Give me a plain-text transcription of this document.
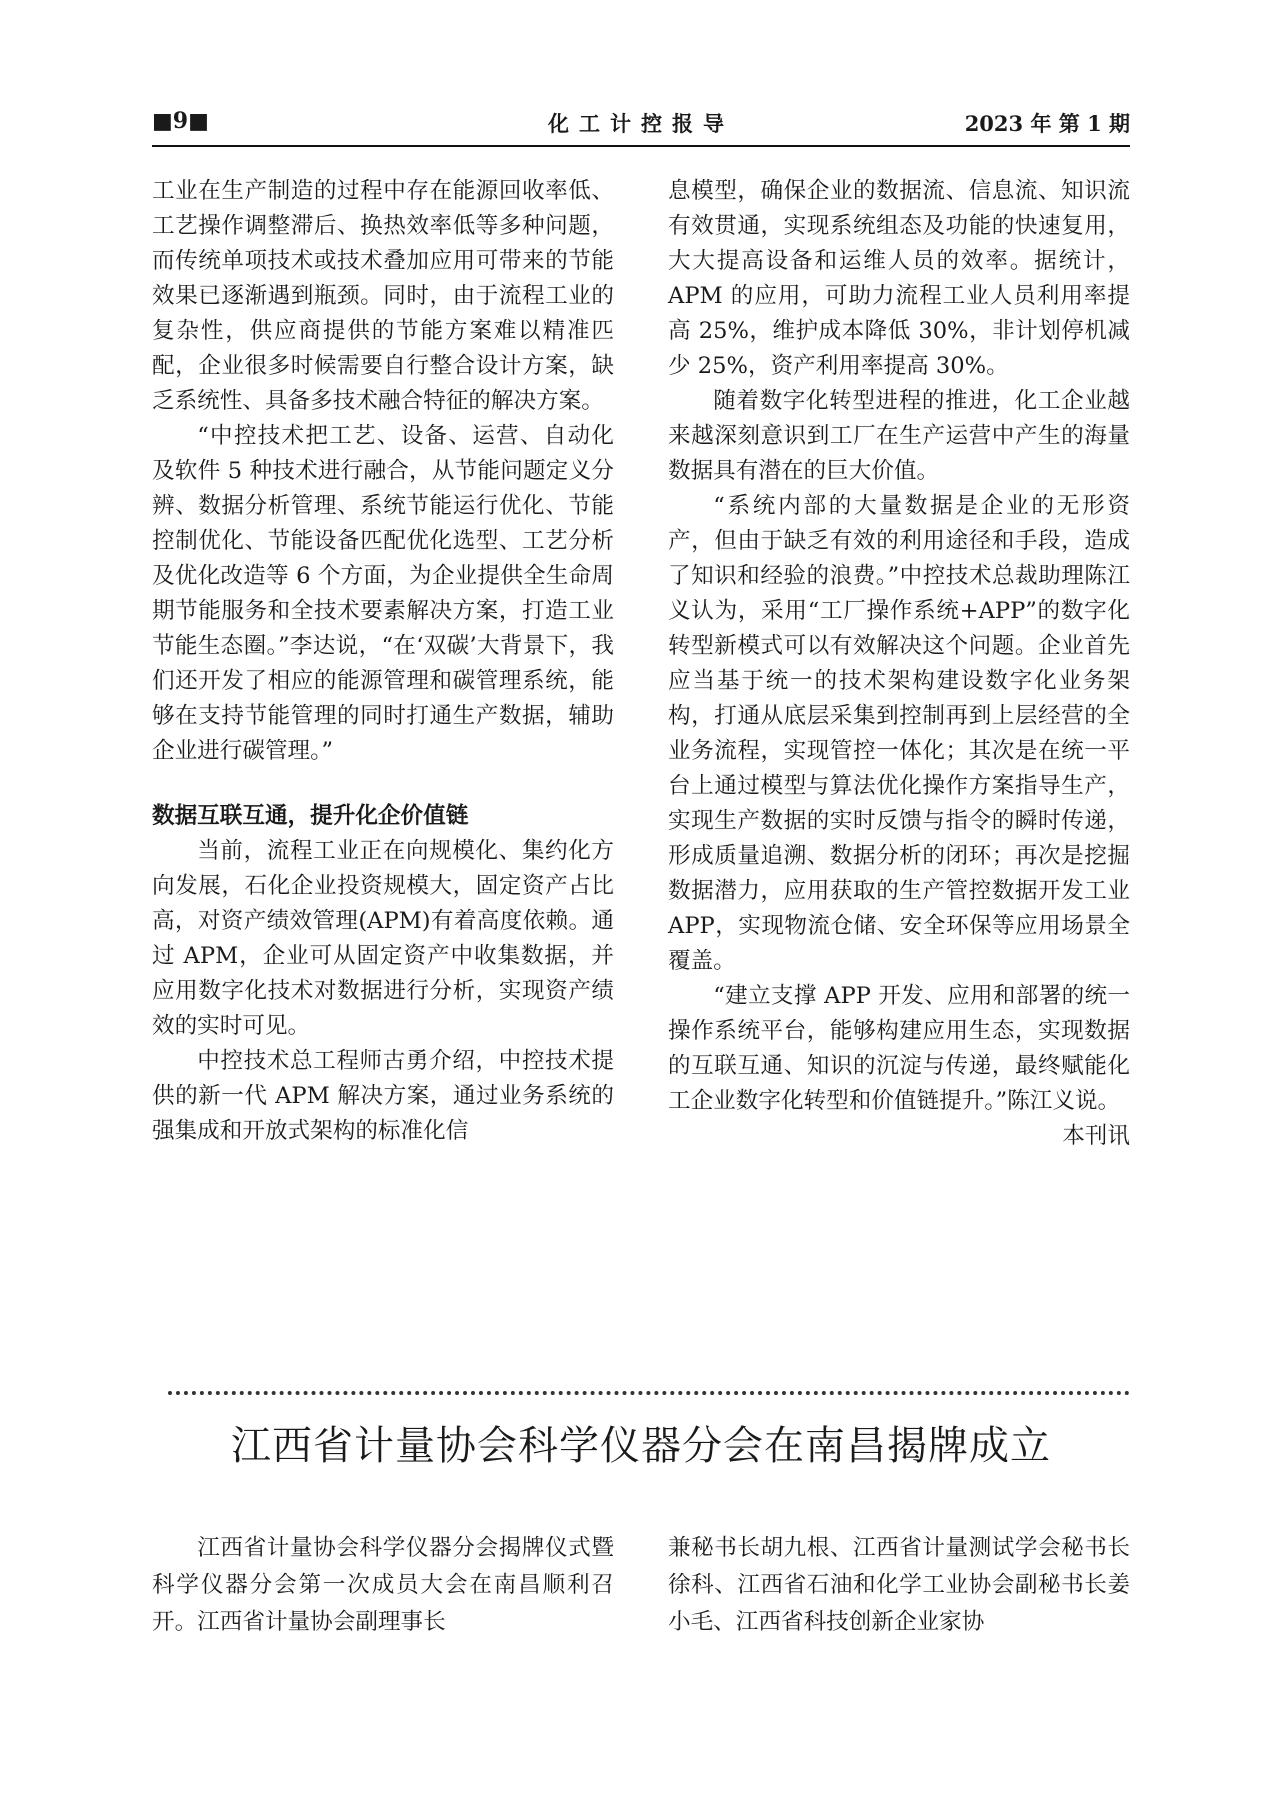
■9■	化工计控报导	2023 年 第 1 期

工业在生产制造的过程中存在能源回收率低、工艺操作调整滞后、换热效率低等多种问题，而传统单项技术或技术叠加应用可带来的节能效果已逐渐遇到瓶颈。同时，由于流程工业的复杂性，供应商提供的节能方案难以精准匹配，企业很多时候需要自行整合设计方案，缺乏系统性、具备多技术融合特征的解决方案。

“中控技术把工艺、设备、运营、自动化及软件 5 种技术进行融合，从节能问题定义分辨、数据分析管理、系统节能运行优化、节能控制优化、节能设备匹配优化选型、工艺分析及优化改造等 6 个方面，为企业提供全生命周期节能服务和全技术要素解决方案，打造工业节能生态圈。”李达说，“在‘双碳’大背景下，我们还开发了相应的能源管理和碳管理系统，能够在支持节能管理的同时打通生产数据，辅助企业进行碳管理。”

数据互联互通，提升化企价值链

当前，流程工业正在向规模化、集约化方向发展，石化企业投资规模大，固定资产占比高，对资产绩效管理(APM)有着高度依赖。通过 APM，企业可从固定资产中收集数据，并应用数字化技术对数据进行分析，实现资产绩效的实时可见。

中控技术总工程师古勇介绍，中控技术提供的新一代 APM 解决方案，通过业务系统的强集成和开放式架构的标准化信

息模型，确保企业的数据流、信息流、知识流有效贯通，实现系统组态及功能的快速复用，大大提高设备和运维人员的效率。据统计，APM 的应用，可助力流程工业人员利用率提高 25%，维护成本降低 30%，非计划停机减少 25%，资产利用率提高 30%。

随着数字化转型进程的推进，化工企业越来越深刻意识到工厂在生产运营中产生的海量数据具有潜在的巨大价值。

“系统内部的大量数据是企业的无形资产，但由于缺乏有效的利用途径和手段，造成了知识和经验的浪费。”中控技术总裁助理陈江义认为，采用“工厂操作系统+APP”的数字化转型新模式可以有效解决这个问题。企业首先应当基于统一的技术架构建设数字化业务架构，打通从底层采集到控制再到上层经营的全业务流程，实现管控一体化；其次是在统一平台上通过模型与算法优化操作方案指导生产，实现生产数据的实时反馈与指令的瞬时传递，形成质量追溯、数据分析的闭环；再次是挖掘数据潜力，应用获取的生产管控数据开发工业 APP，实现物流仓储、安全环保等应用场景全覆盖。

“建立支撑 APP 开发、应用和部署的统一操作系统平台，能够构建应用生态，实现数据的互联互通、知识的沉淀与传递，最终赋能化工企业数字化转型和价值链提升。”陈江义说。

本刊讯
江西省计量协会科学仪器分会在南昌揭牌成立

江西省计量协会科学仪器分会揭牌仪式暨科学仪器分会第一次成员大会在南昌顺利召开。江西省计量协会副理事长

兼秘书长胡九根、江西省计量测试学会秘书长徐科、江西省石油和化学工业协会副秘书长姜小毛、江西省科技创新企业家协
